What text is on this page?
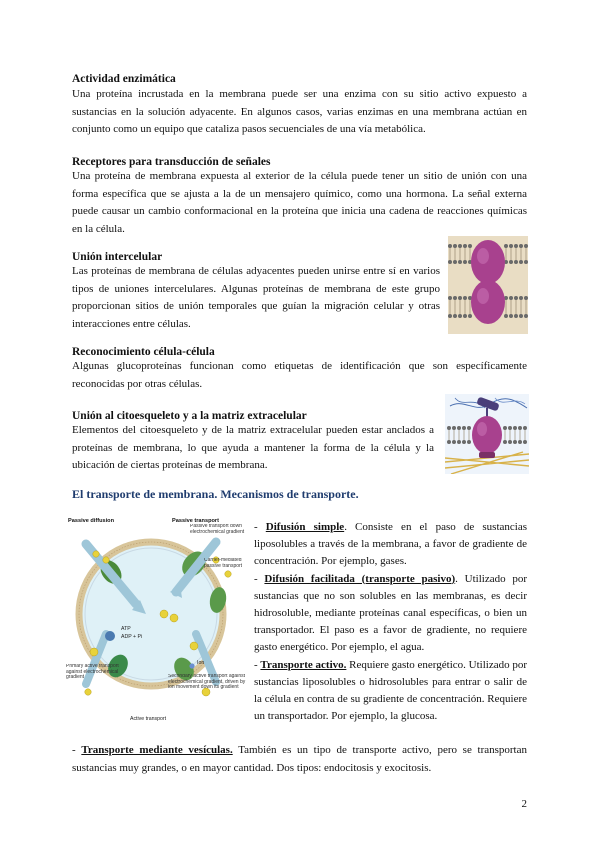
Actividad enzimática

Una proteína incrustada en la membrana puede ser una enzima con su sitio activo expuesto a sustancias en la solución adyacente. En algunos casos, varias enzimas en una membrana actúan en conjunto como un equipo que cataliza pasos secuenciales de una vía metabólica.

Receptores para transducción de señales

Una proteína de membrana expuesta al exterior de la célula puede tener un sitio de unión con una forma específica que se ajusta a la de un mensajero químico, como una hormona. La señal externa puede causar un cambio conformacional en la proteína que inicia una cadena de reacciones químicas en la célula.

Unión intercelular

Las proteínas de membrana de células adyacentes pueden unirse entre sí en varios tipos de uniones intercelulares. Algunas proteínas de membrana de este grupo proporcionan sitios de unión temporales que guían la migración celular y otras interacciones entre células.

Reconocimiento célula-célula

Algunas glucoproteínas funcionan como etiquetas de identificación que son específicamente reconocidas por otras células.

Unión al citoesqueleto y a la matriz extracelular

Elementos del citoesqueleto y de la matriz extracelular pueden estar anclados a proteínas de membrana, lo que ayuda a mantener la forma de la célula y la ubicación de ciertas proteínas de membrana.

El transporte de membrana. Mecanismos de transporte.
Passive diffusion	Passive transport
ATP
ADP + Pi
Ion
Passive transport down electrochemical gradient
Carrier-mediated passive transport
Primary active transport against electrochemical gradient	Secondary active transport against electrochemical gradient, driven by ion movement down its gradient
Active transport

- Difusión simple. Consiste en el paso de sustancias liposolubles a través de la membrana, a favor de gradiente de concentración. Por ejemplo, gases.

- Difusión facilitada (transporte pasivo). Utilizado por sustancias que no son solubles en las membranas, es decir hidrosoluble, mediante proteínas canal específicas, o bien un transportador. El paso es a favor de gradiente, no requiere gasto energético. Por ejemplo, el agua.

- Transporte activo. Requiere gasto energético. Utilizado por sustancias liposolubles o hidrosolubles para entrar o salir de la célula en contra de su gradiente de concentración. Requiere un transportador. Por ejemplo, la glucosa.

- Transporte mediante vesículas. También es un tipo de transporte activo, pero se transportan sustancias muy grandes, o en mayor cantidad. Dos tipos: endocitosis y exocitosis.

2
